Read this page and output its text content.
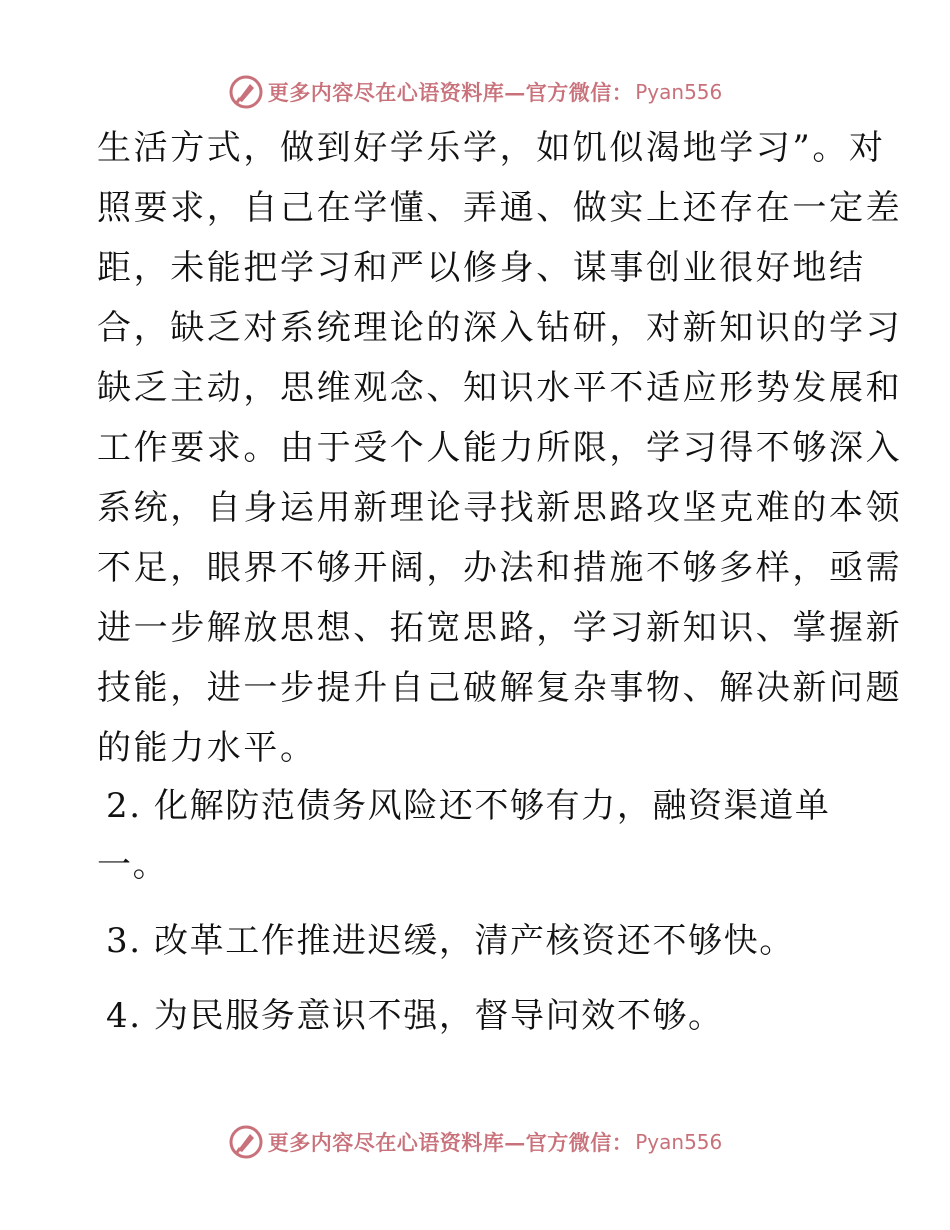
更多内容尽在心语资料库—官方微信： Pyan556
生活方式，做到好学乐学，如饥似渴地学习”。对
照要求，自己在学懂、弄通、做实上还存在一定差
距，未能把学习和严以修身、谋事创业很好地结
合，缺乏对系统理论的深入钻研，对新知识的学习
缺乏主动，思维观念、知识水平不适应形势发展和
工作要求。由于受个人能力所限，学习得不够深入
系统，自身运用新理论寻找新思路攻坚克难的本领
不足，眼界不够开阔，办法和措施不够多样，亟需
进一步解放思想、拓宽思路，学习新知识、掌握新
技能，进一步提升自己破解复杂事物、解决新问题
的能力水平。
2. 化解防范债务风险还不够有力，融资渠道单
一。
3. 改革工作推进迟缓，清产核资还不够快。
4. 为民服务意识不强，督导问效不够。
更多内容尽在心语资料库—官方微信： Pyan556
